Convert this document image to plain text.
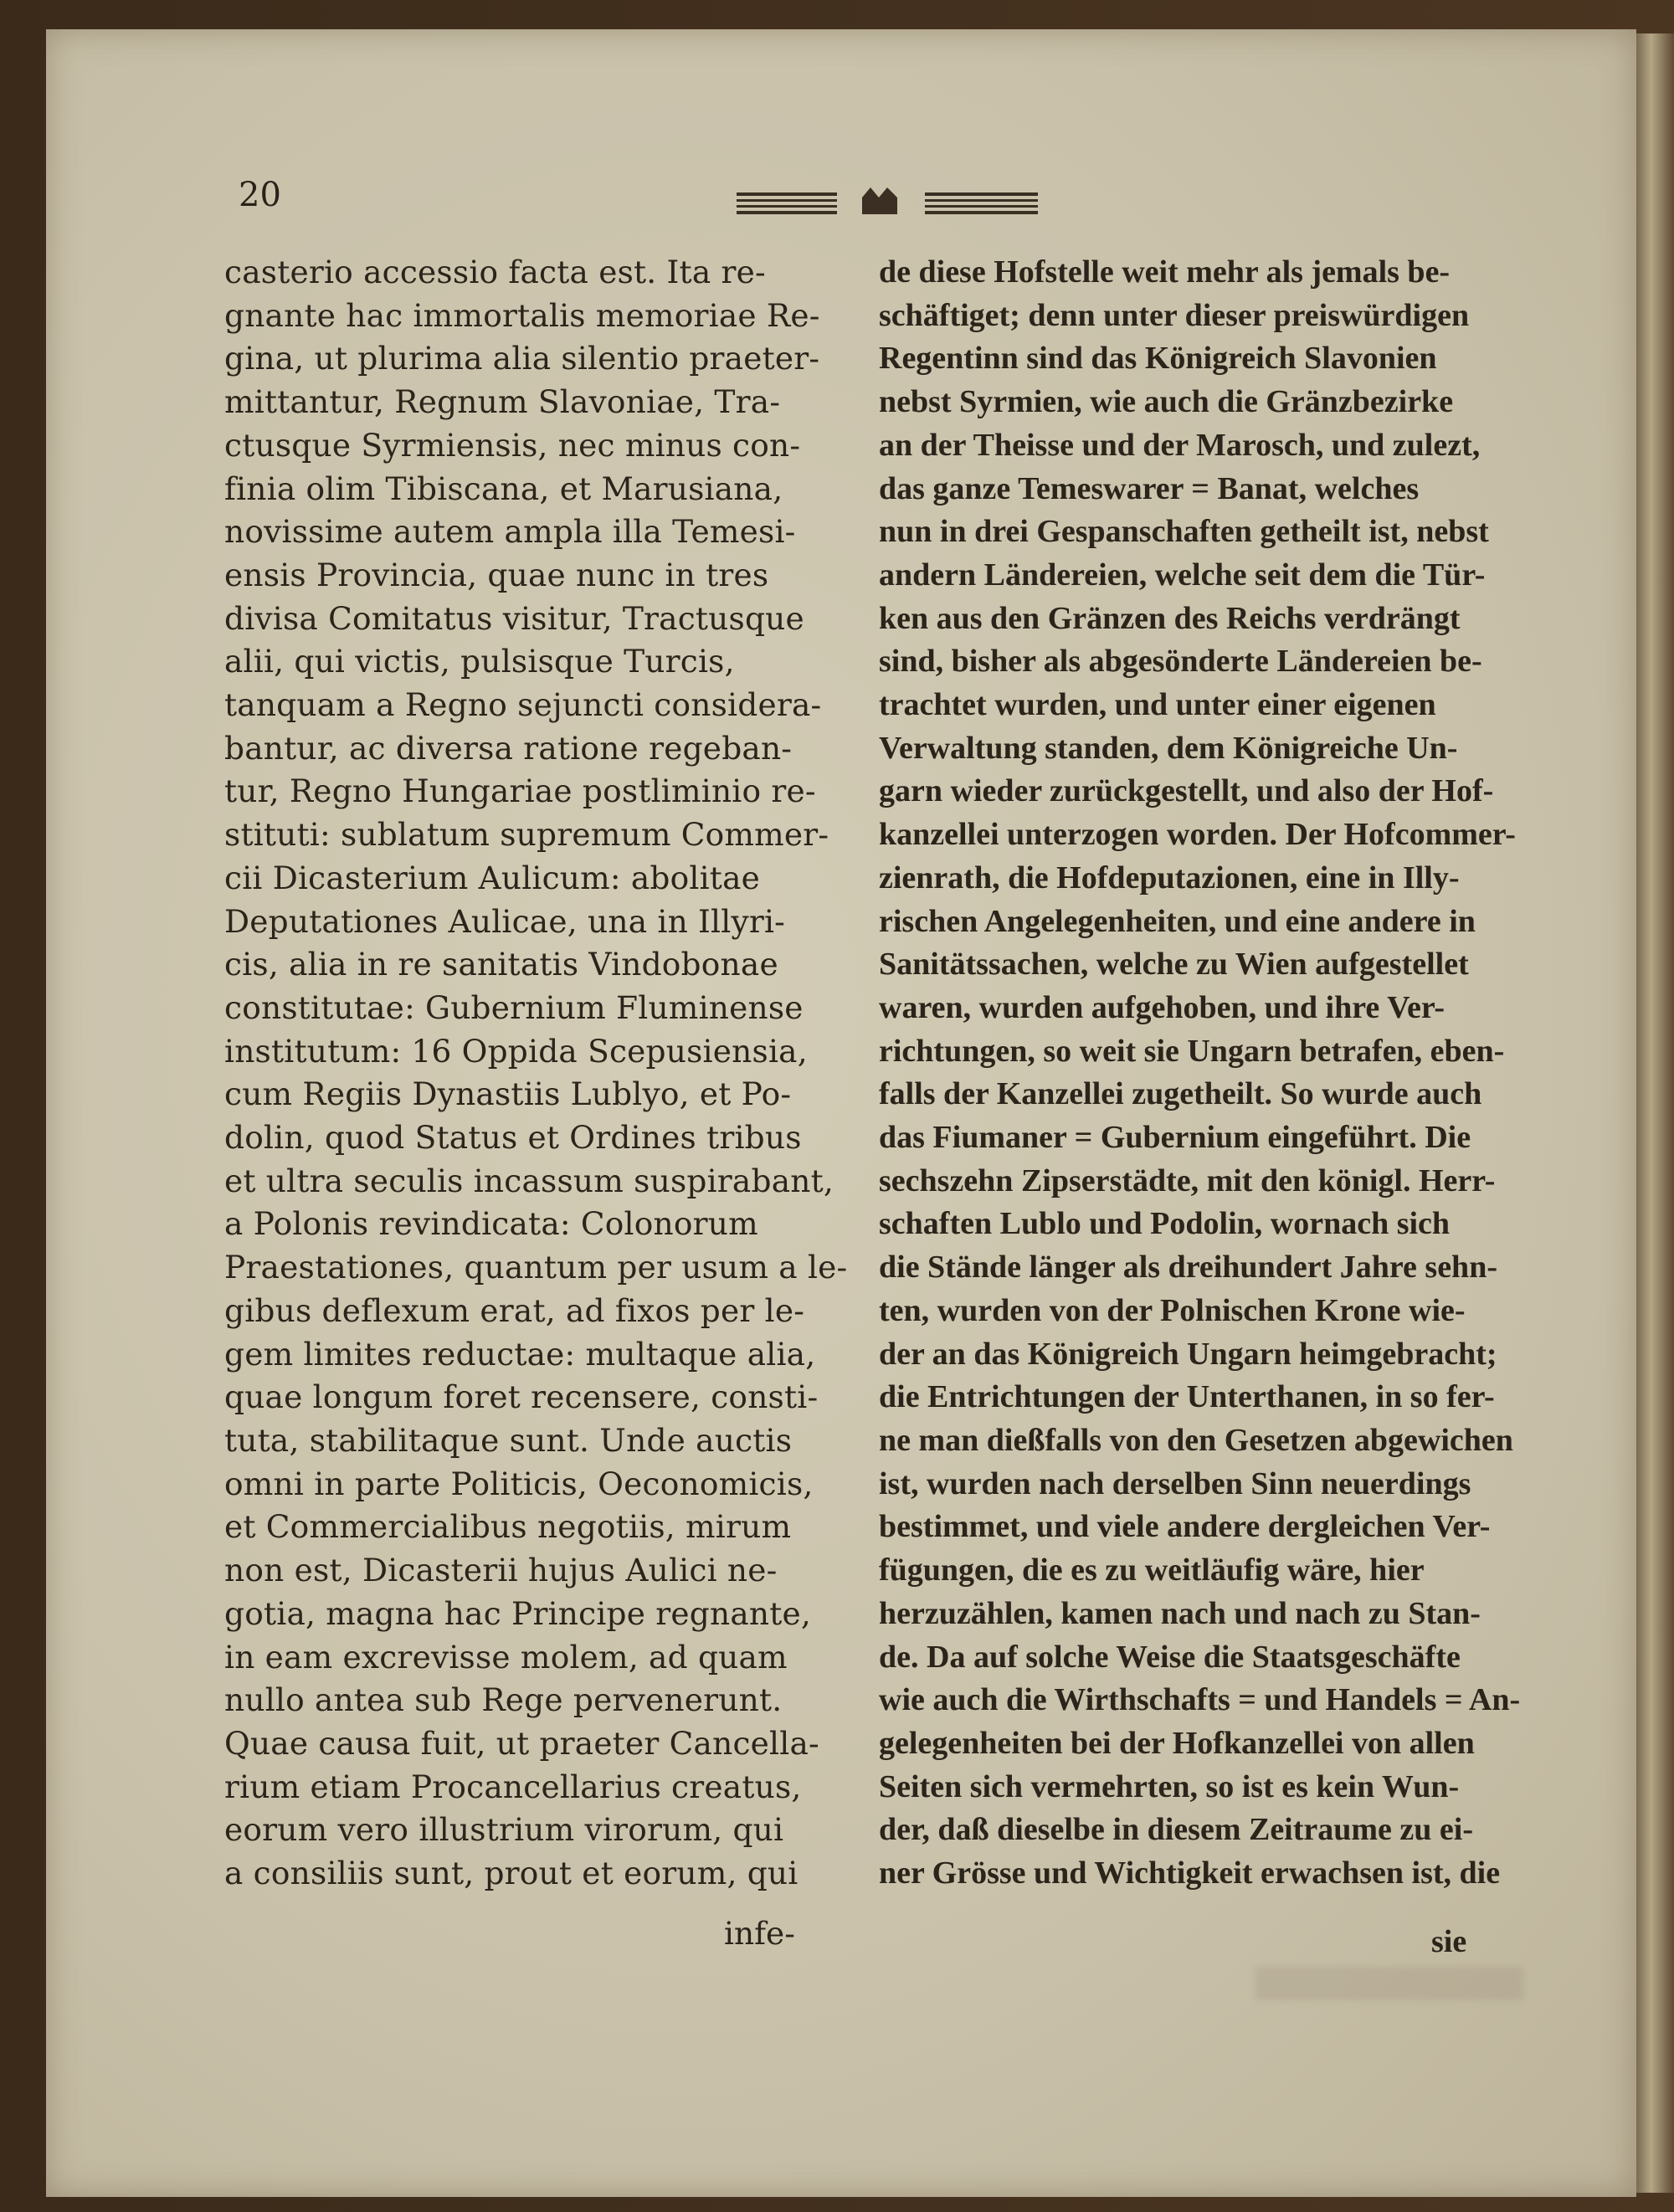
20
casterio accessio facta est. Ita re-
gnante hac immortalis memoriae Re-
gina, ut plurima alia silentio praeter-
mittantur, Regnum Slavoniae, Tra-
ctusque Syrmiensis, nec minus con-
finia olim Tibiscana, et Marusiana,
novissime autem ampla illa Temesi-
ensis Provincia, quae nunc in tres
divisa Comitatus visitur, Tractusque
alii, qui victis, pulsisque Turcis,
tanquam a Regno sejuncti considera-
bantur, ac diversa ratione regeban-
tur, Regno Hungariae postliminio re-
stituti: sublatum supremum Commer-
cii Dicasterium Aulicum: abolitae
Deputationes Aulicae, una in Illyri-
cis, alia in re sanitatis Vindobonae
constitutae: Gubernium Fluminense
institutum: 16 Oppida Scepusiensia,
cum Regiis Dynastiis Lublyo, et Po-
dolin, quod Status et Ordines tribus
et ultra seculis incassum suspirabant,
a Polonis revindicata: Colonorum
Praestationes, quantum per usum a le-
gibus deflexum erat, ad fixos per le-
gem limites reductae: multaque alia,
quae longum foret recensere, consti-
tuta, stabilitaque sunt. Unde auctis
omni in parte Politicis, Oeconomicis,
et Commercialibus negotiis, mirum
non est, Dicasterii hujus Aulici ne-
gotia, magna hac Principe regnante,
in eam excrevisse molem, ad quam
nullo antea sub Rege pervenerunt.
Quae causa fuit, ut praeter Cancella-
rium etiam Procancellarius creatus,
eorum vero illustrium virorum, qui
a consiliis sunt, prout et eorum, qui
infe-
de diese Hofstelle weit mehr als jemals be-
schäftiget; denn unter dieser preiswürdigen
Regentinn sind das Königreich Slavonien
nebst Syrmien, wie auch die Gränzbezirke
an der Theisse und der Marosch, und zulezt,
das ganze Temeswarer = Banat, welches
nun in drei Gespanschaften getheilt ist, nebst
andern Ländereien, welche seit dem die Tür-
ken aus den Gränzen des Reichs verdrängt
sind, bisher als abgesönderte Ländereien be-
trachtet wurden, und unter einer eigenen
Verwaltung standen, dem Königreiche Un-
garn wieder zurückgestellt, und also der Hof-
kanzellei unterzogen worden. Der Hofcommer-
zienrath, die Hofdeputazionen, eine in Illy-
rischen Angelegenheiten, und eine andere in
Sanitätssachen, welche zu Wien aufgestellet
waren, wurden aufgehoben, und ihre Ver-
richtungen, so weit sie Ungarn betrafen, eben-
falls der Kanzellei zugetheilt. So wurde auch
das Fiumaner = Gubernium eingeführt. Die
sechszehn Zipserstädte, mit den königl. Herr-
schaften Lublo und Podolin, wornach sich
die Stände länger als dreihundert Jahre sehn-
ten, wurden von der Polnischen Krone wie-
der an das Königreich Ungarn heimgebracht;
die Entrichtungen der Unterthanen, in so fer-
ne man dießfalls von den Gesetzen abgewichen
ist, wurden nach derselben Sinn neuerdings
bestimmet, und viele andere dergleichen Ver-
fügungen, die es zu weitläufig wäre, hier
herzuzählen, kamen nach und nach zu Stan-
de. Da auf solche Weise die Staatsgeschäfte
wie auch die Wirthschafts = und Handels = An-
gelegenheiten bei der Hofkanzellei von allen
Seiten sich vermehrten, so ist es kein Wun-
der, daß dieselbe in diesem Zeitraume zu ei-
ner Grösse und Wichtigkeit erwachsen ist, die
sie
